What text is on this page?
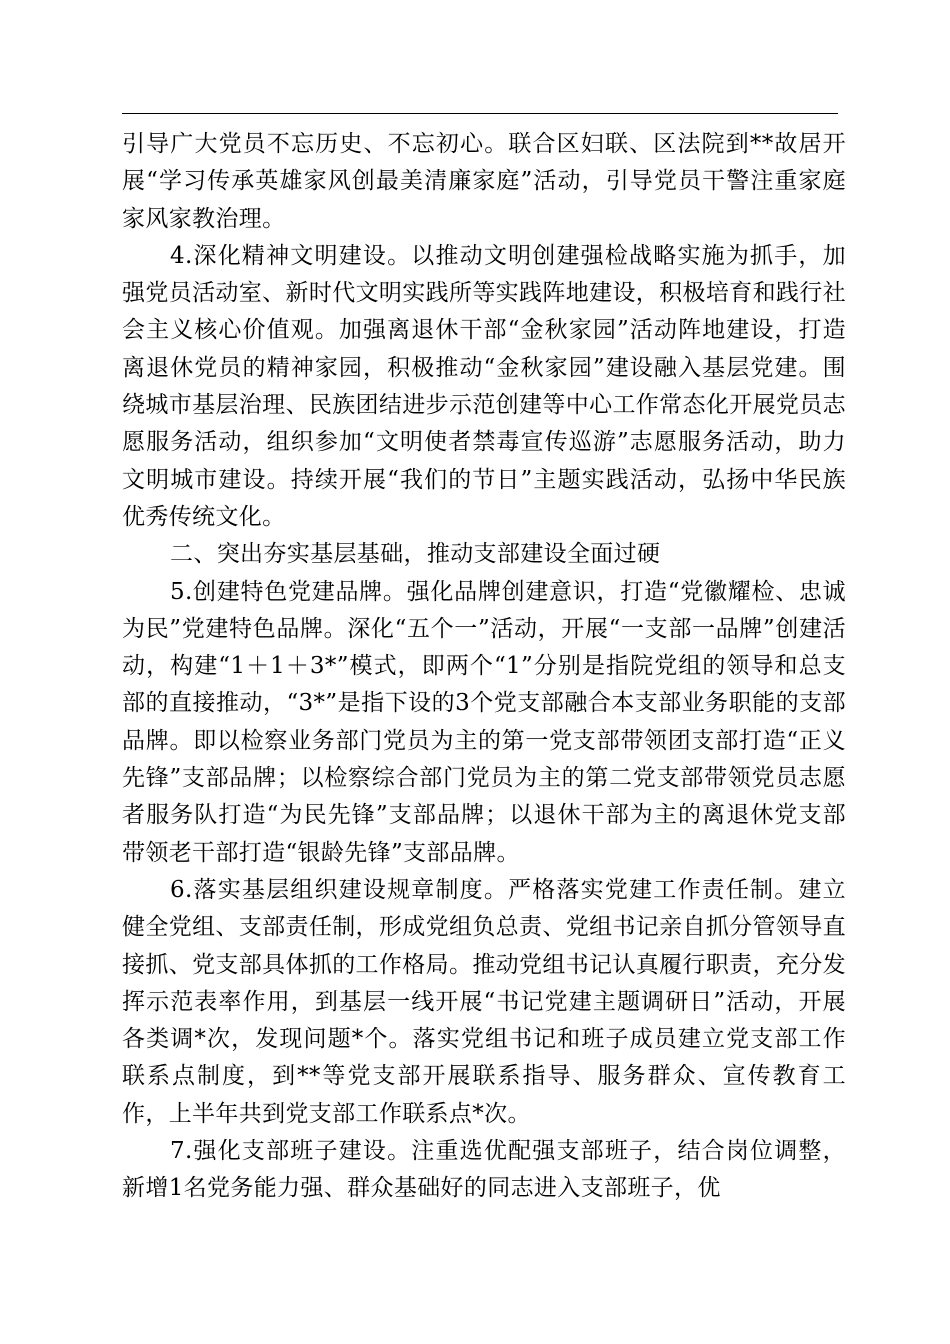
引导广大党员不忘历史、不忘初心。联合区妇联、区法院到**故居开展“学习传承英雄家风创最美清廉家庭”活动，引导党员干警注重家庭家风家教治理。

4.深化精神文明建设。以推动文明创建强检战略实施为抓手，加强党员活动室、新时代文明实践所等实践阵地建设，积极培育和践行社会主义核心价值观。加强离退休干部“金秋家园”活动阵地建设，打造离退休党员的精神家园，积极推动“金秋家园”建设融入基层党建。围绕城市基层治理、民族团结进步示范创建等中心工作常态化开展党员志愿服务活动，组织参加“文明使者禁毒宣传巡游”志愿服务活动，助力文明城市建设。持续开展“我们的节日”主题实践活动，弘扬中华民族优秀传统文化。

二、突出夯实基层基础，推动支部建设全面过硬

5.创建特色党建品牌。强化品牌创建意识，打造“党徽耀检、忠诚为民”党建特色品牌。深化“五个一”活动，开展“一支部一品牌”创建活动，构建“1＋1＋3*”模式，即两个“1”分别是指院党组的领导和总支部的直接推动，“3*”是指下设的3个党支部融合本支部业务职能的支部品牌。即以检察业务部门党员为主的第一党支部带领团支部打造“正义先锋”支部品牌；以检察综合部门党员为主的第二党支部带领党员志愿者服务队打造“为民先锋”支部品牌；以退休干部为主的离退休党支部带领老干部打造“银龄先锋”支部品牌。

6.落实基层组织建设规章制度。严格落实党建工作责任制。建立健全党组、支部责任制，形成党组负总责、党组书记亲自抓分管领导直接抓、党支部具体抓的工作格局。推动党组书记认真履行职责，充分发挥示范表率作用，到基层一线开展“书记党建主题调研日”活动，开展各类调*次，发现问题*个。落实党组书记和班子成员建立党支部工作联系点制度，到**等党支部开展联系指导、服务群众、宣传教育工作，上半年共到党支部工作联系点*次。

7.强化支部班子建设。注重选优配强支部班子，结合岗位调整，新增1名党务能力强、群众基础好的同志进入支部班子，优
